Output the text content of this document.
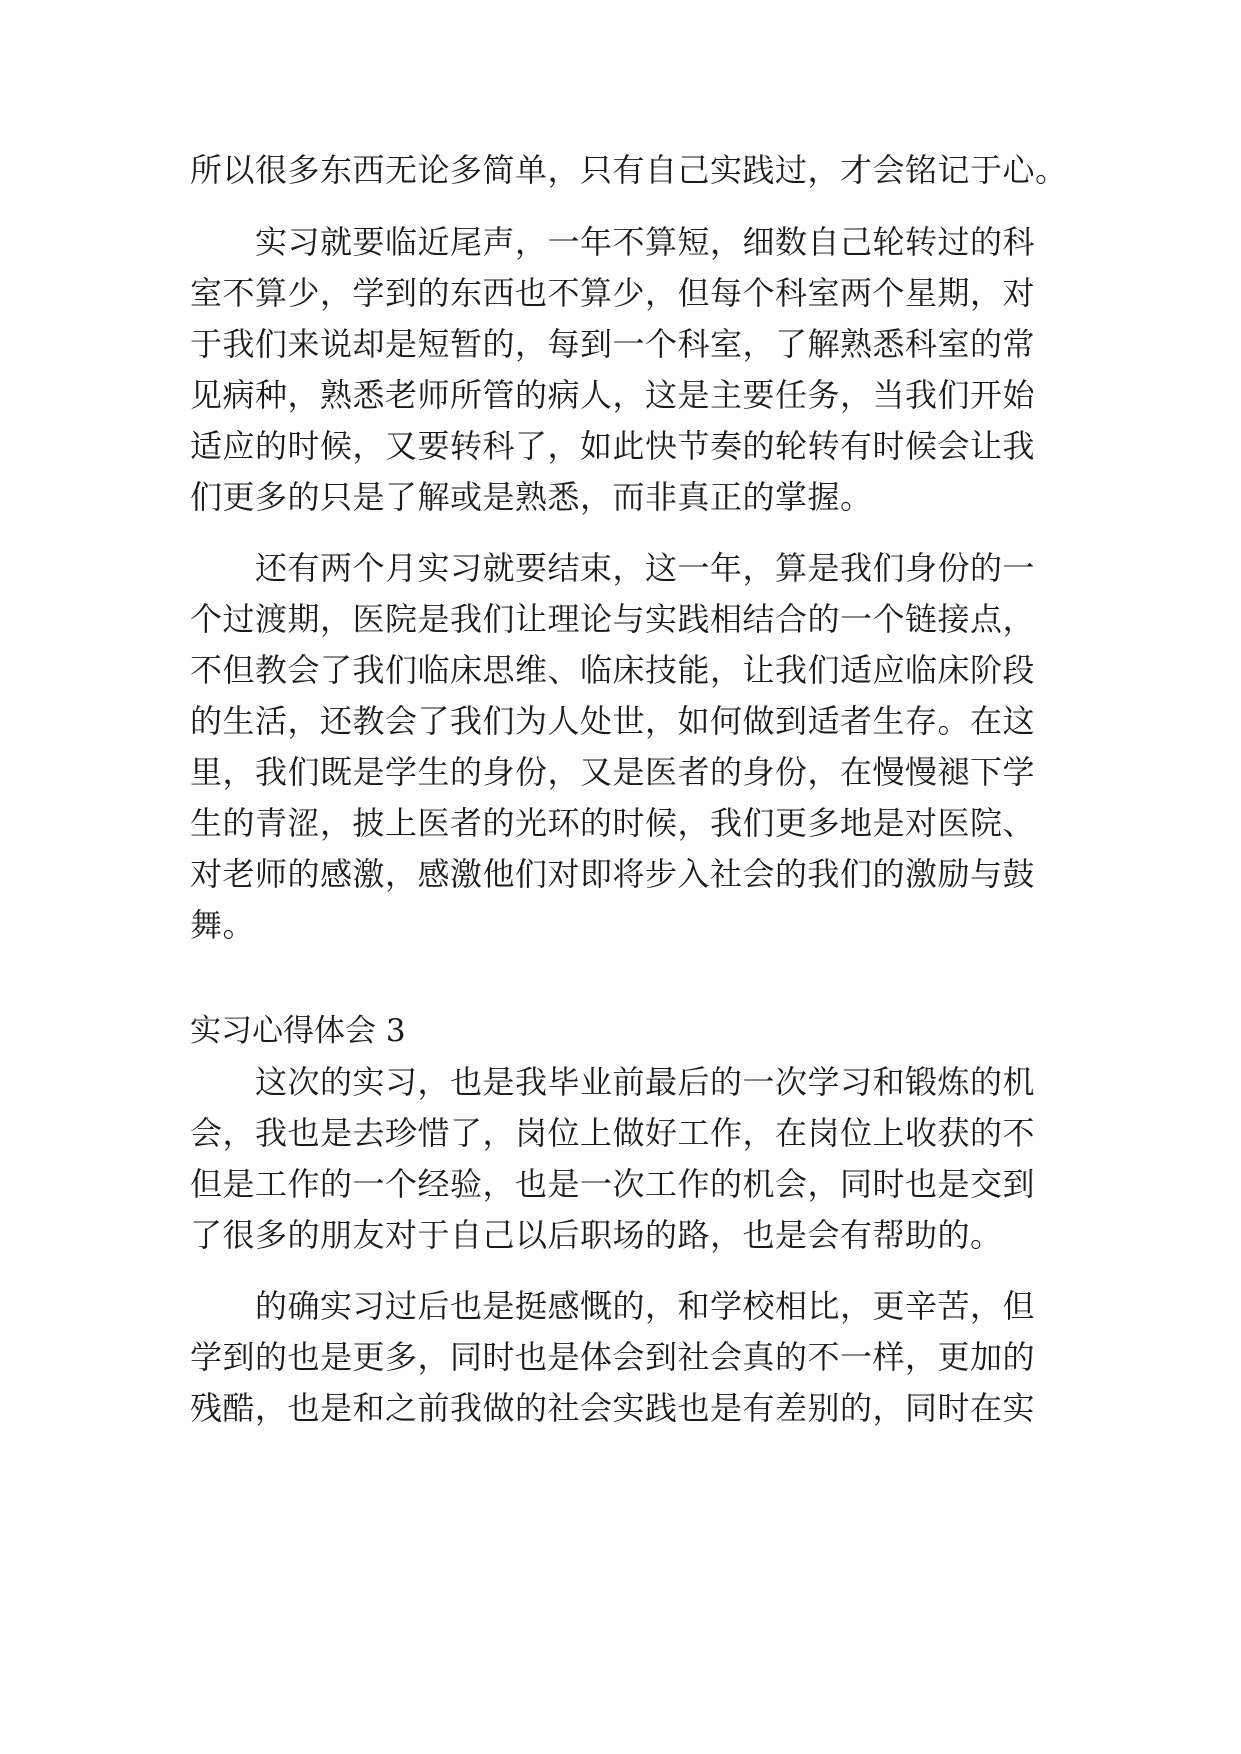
所以很多东西无论多简单，只有自己实践过，才会铭记于心。
　　实习就要临近尾声，一年不算短，细数自己轮转过的科
室不算少，学到的东西也不算少，但每个科室两个星期，对
于我们来说却是短暂的，每到一个科室，了解熟悉科室的常
见病种，熟悉老师所管的病人，这是主要任务，当我们开始
适应的时候，又要转科了，如此快节奏的轮转有时候会让我
们更多的只是了解或是熟悉，而非真正的掌握。
　　还有两个月实习就要结束，这一年，算是我们身份的一
个过渡期，医院是我们让理论与实践相结合的一个链接点，
不但教会了我们临床思维、临床技能，让我们适应临床阶段
的生活，还教会了我们为人处世，如何做到适者生存。在这
里，我们既是学生的身份，又是医者的身份，在慢慢褪下学
生的青涩，披上医者的光环的时候，我们更多地是对医院、
对老师的感激，感激他们对即将步入社会的我们的激励与鼓
舞。
实习心得体会 3
　　这次的实习，也是我毕业前最后的一次学习和锻炼的机
会，我也是去珍惜了，岗位上做好工作，在岗位上收获的不
但是工作的一个经验，也是一次工作的机会，同时也是交到
了很多的朋友对于自己以后职场的路，也是会有帮助的。
　　的确实习过后也是挺感慨的，和学校相比，更辛苦，但
学到的也是更多，同时也是体会到社会真的不一样，更加的
残酷，也是和之前我做的社会实践也是有差别的，同时在实
